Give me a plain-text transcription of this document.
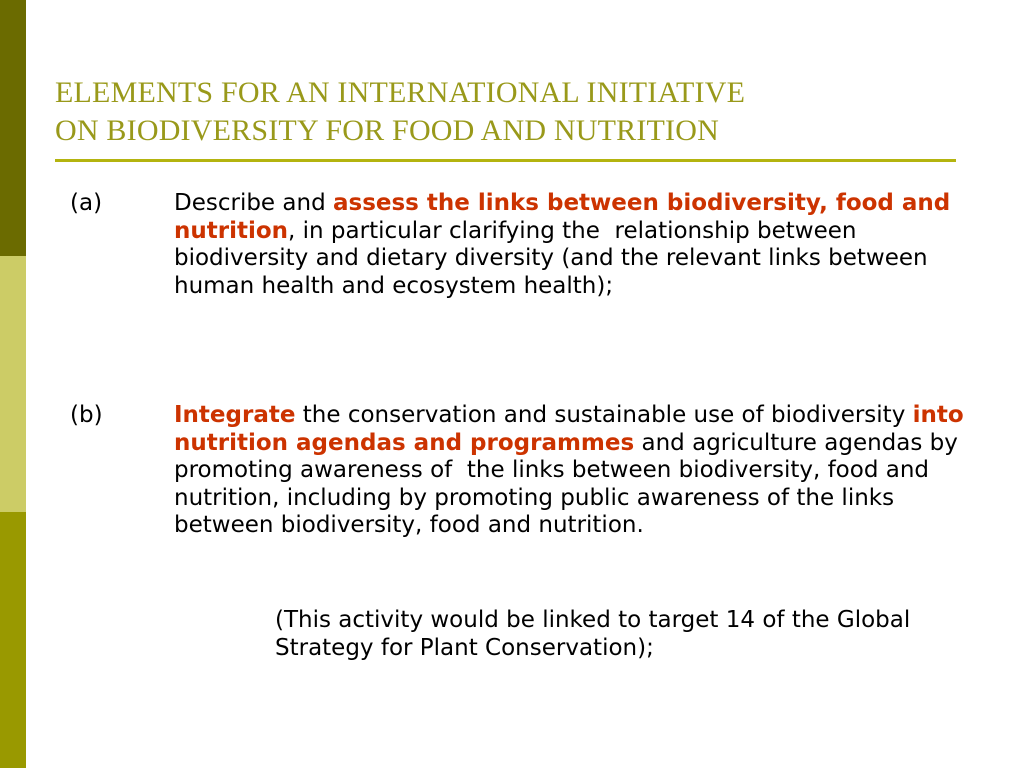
ELEMENTS FOR AN INTERNATIONAL INITIATIVE
ON BIODIVERSITY FOR FOOD AND NUTRITION
(a)	Describe and assess the links between biodiversity, food and nutrition, in particular clarifying the  relationship between biodiversity and dietary diversity (and the relevant links between human health and ecosystem health);
(b)	Integrate the conservation and sustainable use of biodiversity into nutrition agendas and programmes and agriculture agendas by promoting awareness of  the links between biodiversity, food and nutrition, including by promoting public awareness of the links between biodiversity, food and nutrition.
(This activity would be linked to target 14 of the Global Strategy for Plant Conservation);
